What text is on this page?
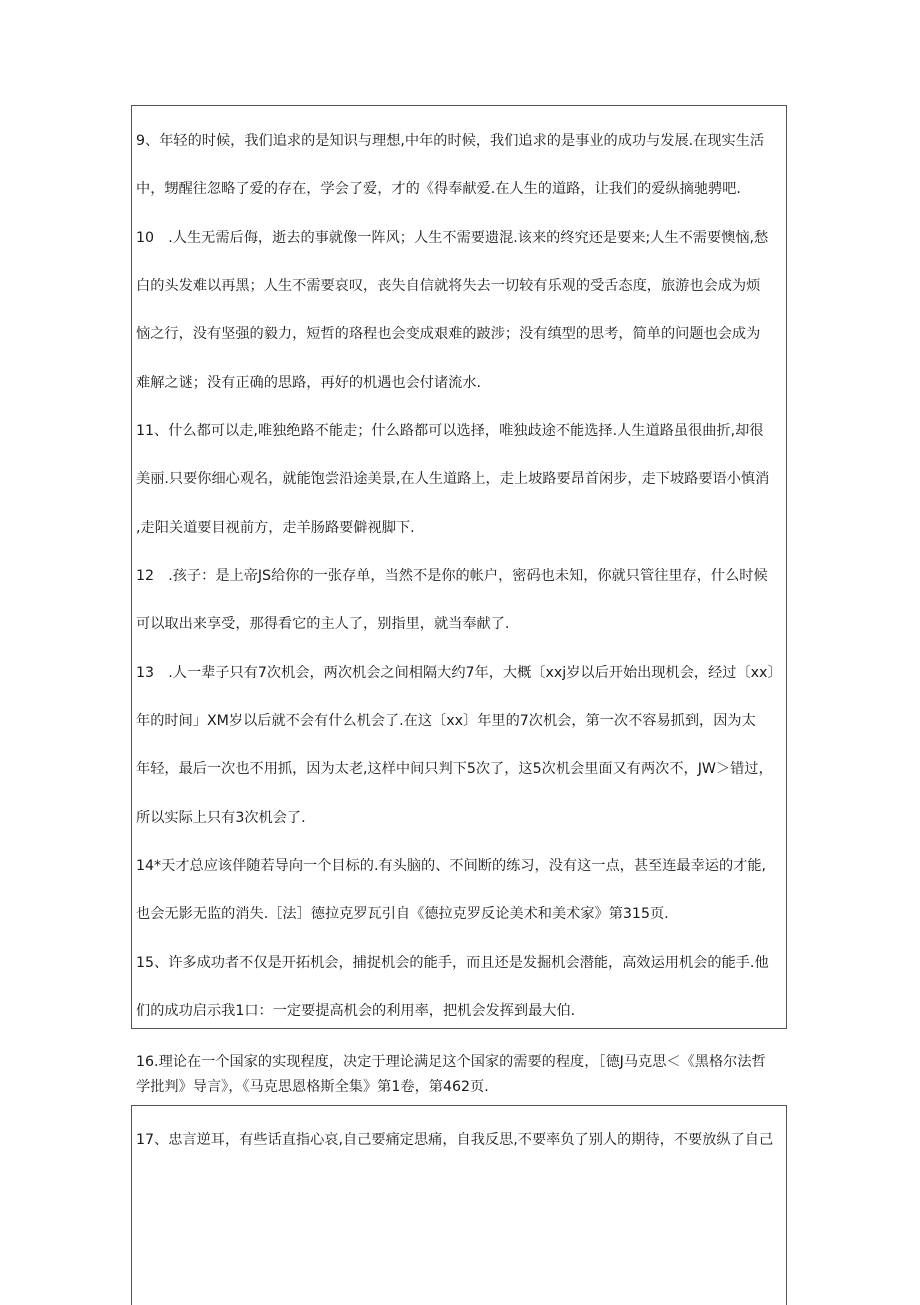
9、年轻的时候，我们追求的是知识与理想,中年的时候，我们追求的是事业的成功与发展.在现实生活
中，甥醒往忽略了爱的存在，学会了爱，才的《得奉献爱.在人生的道路，让我们的爱纵摘驰骋吧.
10　.人生无需后侮，逝去的事就像一阵风；人生不需要遗混.该来的终究还是要来;人生不需要懊恼,愁
白的头发难以再黑；人生不需要哀叹，丧失自信就将失去一切较有乐观的受舌态度，旅游也会成为烦
恼之行，没有坚强的毅力，短哲的珞程也会变成艰难的跛涉；没有缜型的思考，简单的问题也会成为
难解之谜；没有正确的思路，再好的机遇也会付诸流水.
11、什么都可以走,唯独绝路不能走；什么路都可以选择，唯独歧途不能选择.人生道路虽很曲折,却很
美丽.只要你细心观名，就能饱尝沿途美景,在人生道路上，走上坡路要昂首闲步，走下坡路要语小慎消
,走阳关道要目视前方，走羊肠路要僻视脚下.
12　.孩子：是上帝JS给你的一张存单，当然不是你的帐户，密码也未知，你就只管往里存，什么时候
可以取出来享受，那得看它的主人了，别指里，就当奉献了.
13　.人一辈子只有7次机会，两次机会之间相隔大约7年，大概〔xxj岁以后开始出现机会，经过〔xx〕
年的时间」XM岁以后就不会有什么机会了.在这〔xx〕年里的7次机会，第一次不容易抓到，因为太
年轻，最后一次也不用抓，因为太老,这样中间只判下5次了，这5次机会里面又有两次不，JW＞错过，
所以实际上只有3次机会了.
14*天才总应该伴随若导向一个目标的.有头脑的、不间断的练习，没有这一点，甚至连最幸运的才能,
也会无影无监的消失.［法］德拉克罗瓦引自《德拉克罗反论美术和美术家》第315页.
15、许多成功者不仅是开拓机会，捕捉机会的能手，而且还是发掘机会潜能，高效运用机会的能手.他
们的成功启示我1口：一定要提高机会的利用率，把机会发挥到最大伯.
16.理论在一个国家的实现程度，决定于理论满足这个国家的需要的程度，［德J马克思＜《黑格尔法哲
学批判》导言》，《马克思恩格斯全集》第1卷，第462页.
17、忠言逆耳，有些话直指心哀,自己要痛定思痛，自我反思,不要率负了别人的期待，不要放纵了自己
